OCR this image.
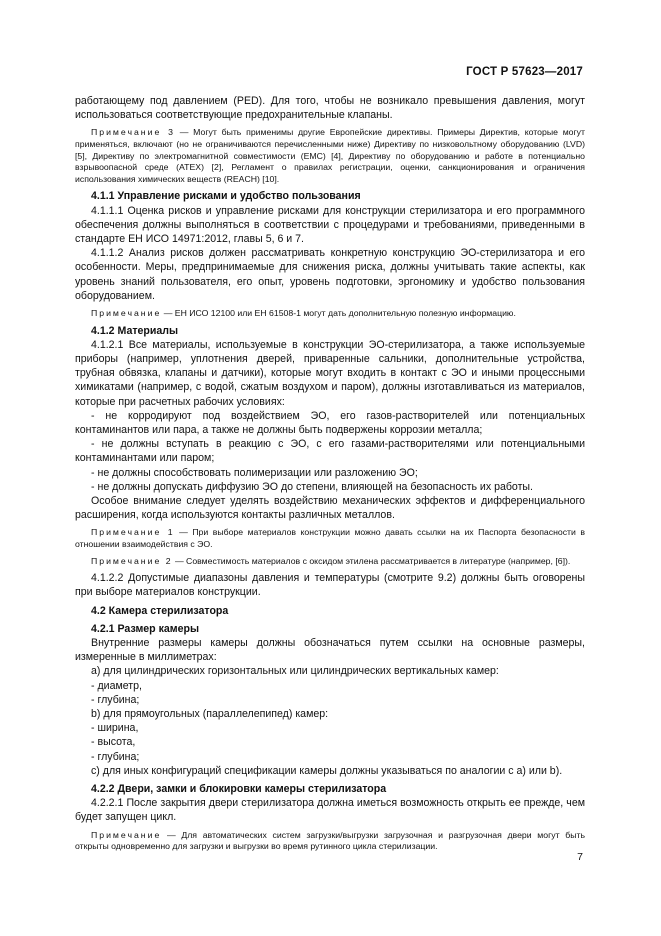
ГОСТ Р 57623—2017

работающему под давлением (PED). Для того, чтобы не возникало превышения давления, могут использоваться соответствующие предохранительные клапаны.

Примечание 3 — Могут быть применимы другие Европейские директивы. Примеры Директив, которые могут применяться, включают (но не ограничиваются перечисленными ниже) Директиву по низковольтному оборудованию (LVD) [5], Директиву по электромагнитной совместимости (EMC) [4], Директиву по оборудованию и работе в потенциально взрывоопасной среде (ATEX) [2], Регламент о правилах регистрации, оценки, санкционирования и ограничения использования химических веществ (REACH) [10].

4.1.1 Управление рисками и удобство пользования

4.1.1.1 Оценка рисков и управление рисками для конструкции стерилизатора и его программного обеспечения должны выполняться в соответствии с процедурами и требованиями, приведенными в стандарте ЕН ИСО 14971:2012, главы 5, 6 и 7.

4.1.1.2 Анализ рисков должен рассматривать конкретную конструкцию ЭО-стерилизатора и его особенности. Меры, предпринимаемые для снижения риска, должны учитывать такие аспекты, как уровень знаний пользователя, его опыт, уровень подготовки, эргономику и удобство пользования оборудованием.

Примечание — ЕН ИСО 12100 или ЕН 61508-1 могут дать дополнительную полезную информацию.

4.1.2 Материалы

4.1.2.1 Все материалы, используемые в конструкции ЭО-стерилизатора, а также используемые приборы (например, уплотнения дверей, приваренные сальники, дополнительные устройства, трубная обвязка, клапаны и датчики), которые могут входить в контакт с ЭО и иными процессными химикатами (например, с водой, сжатым воздухом и паром), должны изготавливаться из материалов, которые при расчетных рабочих условиях:

- не корродируют под воздействием ЭО, его газов-растворителей или потенциальных контаминантов или пара, а также не должны быть подвержены коррозии металла;

- не должны вступать в реакцию с ЭО, с его газами-растворителями или потенциальными контаминантами или паром;

- не должны способствовать полимеризации или разложению ЭО;

- не должны допускать диффузию ЭО до степени, влияющей на безопасность их работы.

Особое внимание следует уделять воздействию механических эффектов и дифференциального расширения, когда используются контакты различных металлов.

Примечание 1 — При выборе материалов конструкции можно давать ссылки на их Паспорта безопасности в отношении взаимодействия с ЭО.

Примечание 2 — Совместимость материалов с оксидом этилена рассматривается в литературе (например, [6]).

4.1.2.2 Допустимые диапазоны давления и температуры (смотрите 9.2) должны быть оговорены при выборе материалов конструкции.

4.2 Камера стерилизатора

4.2.1 Размер камеры

Внутренние размеры камеры должны обозначаться путем ссылки на основные размеры, измеренные в миллиметрах:

a) для цилиндрических горизонтальных или цилиндрических вертикальных камер:

- диаметр,

- глубина;

b) для прямоугольных (параллелепипед) камер:

- ширина,

- высота,

- глубина;

c) для иных конфигураций спецификации камеры должны указываться по аналогии с a) или b).

4.2.2 Двери, замки и блокировки камеры стерилизатора

4.2.2.1 После закрытия двери стерилизатора должна иметься возможность открыть ее прежде, чем будет запущен цикл.

Примечание — Для автоматических систем загрузки/выгрузки загрузочная и разгрузочная двери могут быть открыты одновременно для загрузки и выгрузки во время рутинного цикла стерилизации.

7
